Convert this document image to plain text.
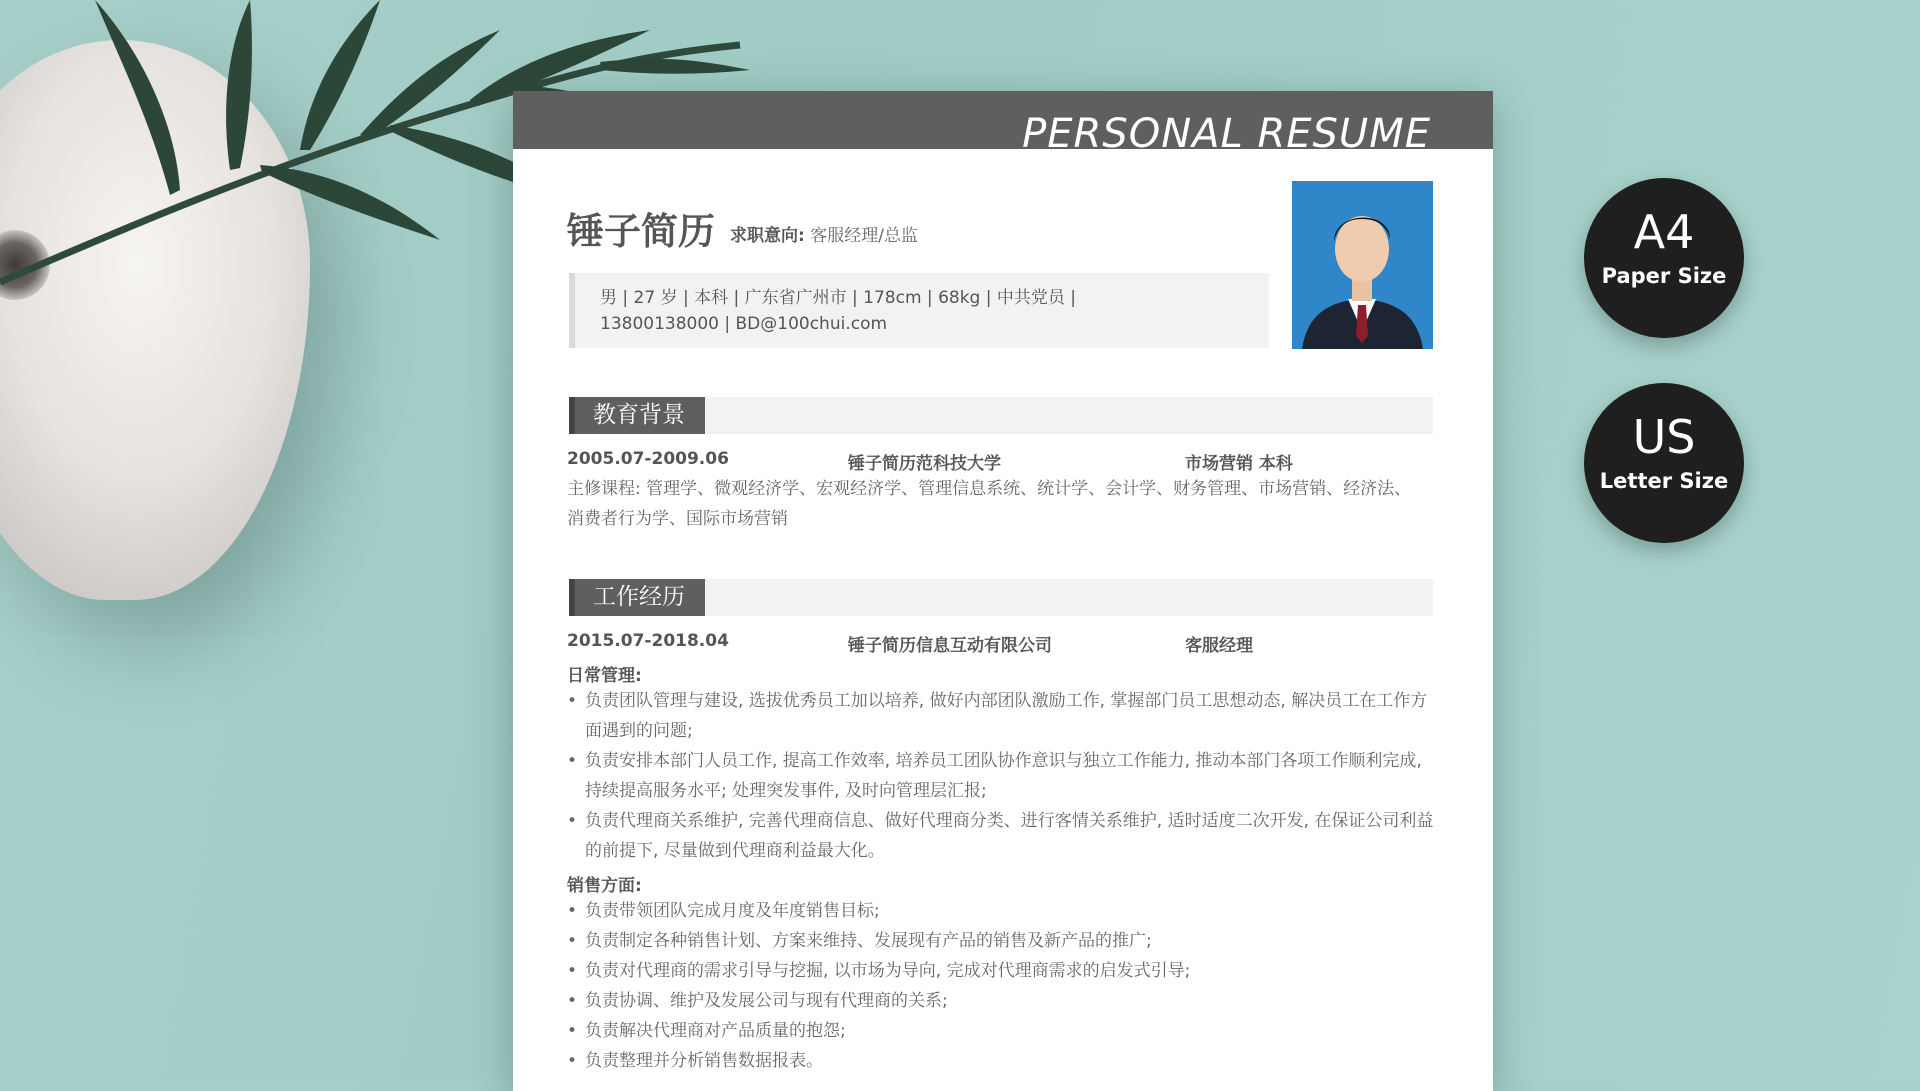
PERSONAL RESUME
锤子简历 求职意向: 客服经理/总监
男 | 27 岁 | 本科 | 广东省广州市 | 178cm | 68kg | 中共党员 |
13800138000 | BD@100chui.com
教育背景
2005.07-2009.06	锤子简历范科技大学	市场营销 本科
主修课程: 管理学、微观经济学、宏观经济学、管理信息系统、统计学、会计学、财务管理、市场营销、经济法、
消费者行为学、国际市场营销
工作经历
2015.07-2018.04	锤子简历信息互动有限公司	客服经理
日常管理:
• 负责团队管理与建设, 选拔优秀员工加以培养, 做好内部团队激励工作, 掌握部门员工思想动态, 解决员工在工作方面遇到的问题;
• 负责安排本部门人员工作, 提高工作效率, 培养员工团队协作意识与独立工作能力, 推动本部门各项工作顺利完成, 持续提高服务水平; 处理突发事件, 及时向管理层汇报;
• 负责代理商关系维护, 完善代理商信息、做好代理商分类、进行客情关系维护, 适时适度二次开发, 在保证公司利益的前提下, 尽量做到代理商利益最大化。
销售方面:
• 负责带领团队完成月度及年度销售目标;
• 负责制定各种销售计划、方案来维持、发展现有产品的销售及新产品的推广;
• 负责对代理商的需求引导与挖掘, 以市场为导向, 完成对代理商需求的启发式引导;
• 负责协调、维护及发展公司与现有代理商的关系;
• 负责解决代理商对产品质量的抱怨;
• 负责整理并分析销售数据报表。
A4
Paper Size
US
Letter Size
